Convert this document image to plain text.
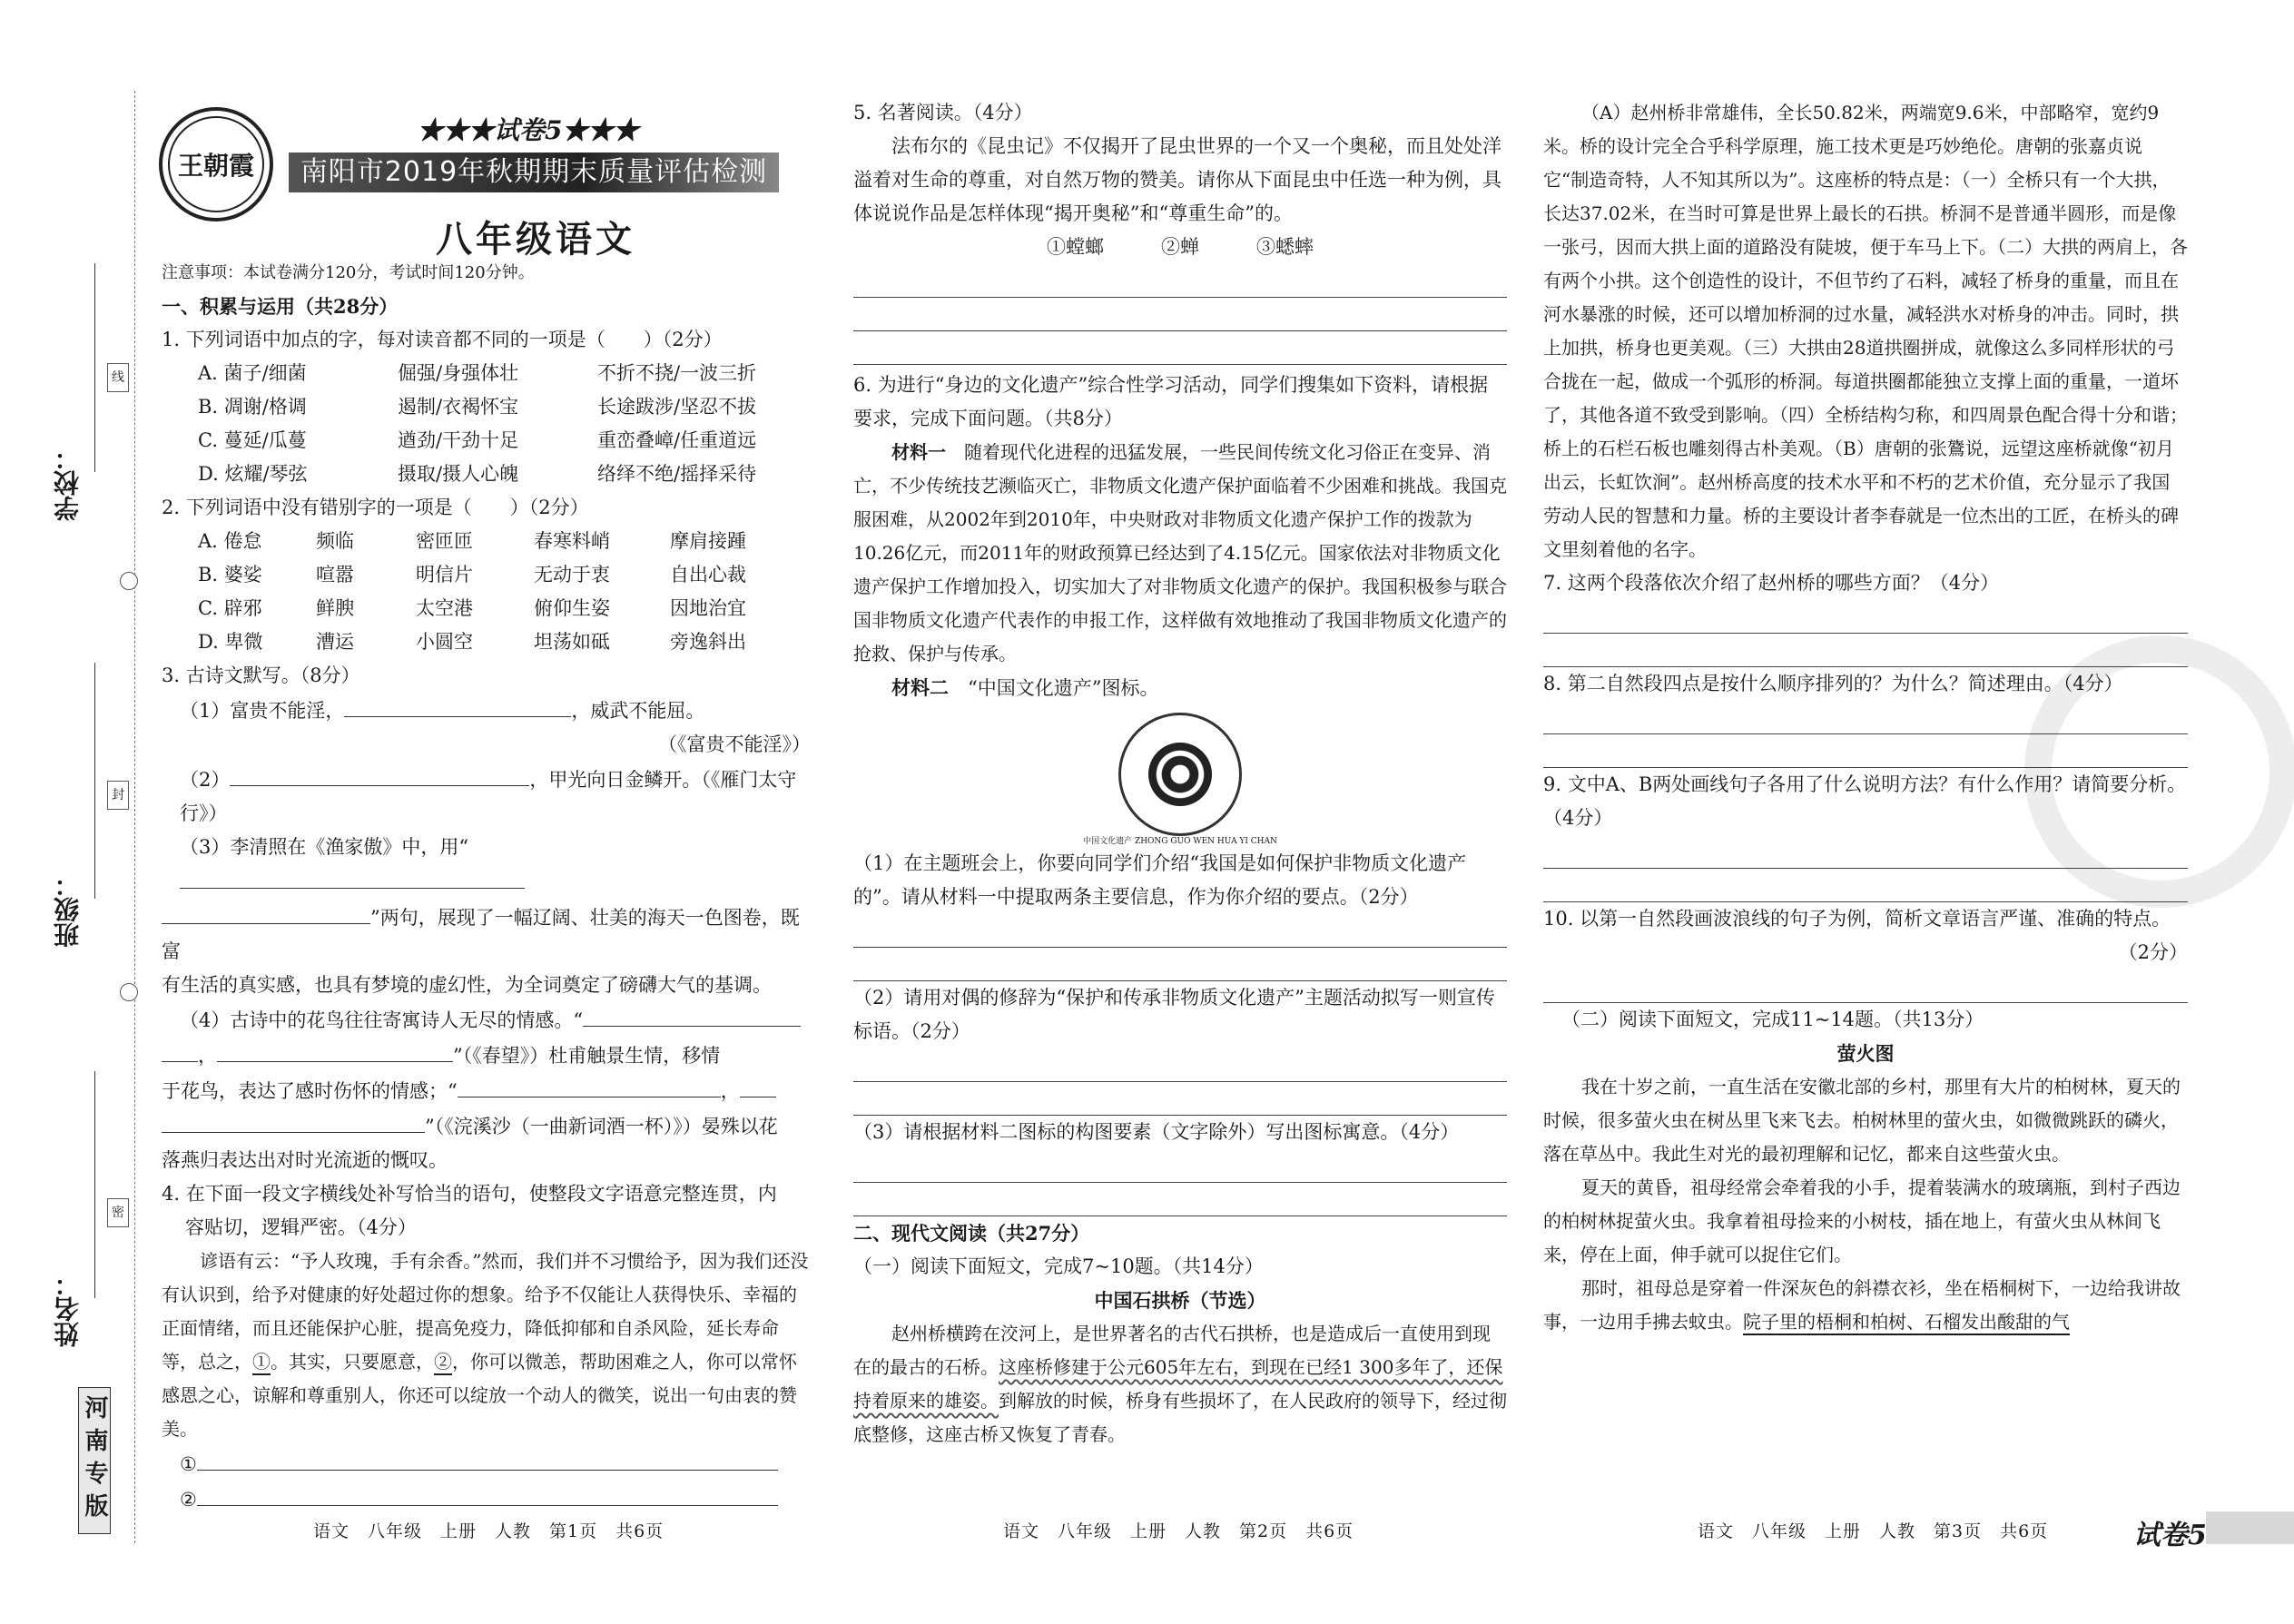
学校：
班级：
姓名：
线
封
密
河南专版
王朝霞
★★★试卷5★★★
南阳市2019年秋期期末质量评估检测试卷
八年级语文

注意事项：本试卷满分120分，考试时间120分钟。

一、积累与运用（共28分）

1. 下列词语中加点的字，每对读音都不同的一项是（　　）（2分）

A. 菌子/细菌	倔强/身强体壮	不折不挠/一波三折
B. 凋谢/格调	遏制/衣褐怀宝	长途跋涉/坚忍不拔
C. 蔓延/瓜蔓	遒劲/干劲十足	重峦叠嶂/任重道远
D. 炫耀/琴弦	摄取/摄人心魄	络绎不绝/摇择采待

2. 下列词语中没有错别字的一项是（　　）（2分）

A. 倦怠	频临	密匝匝	春寒料峭	摩肩接踵
B. 婆娑	喧嚣	明信片	无动于衷	自出心裁
C. 辟邪	鲜腴	太空港	俯仰生姿	因地治宜
D. 卑微	漕运	小圆空	坦荡如砥	旁逸斜出

3. 古诗文默写。（8分）

（1）富贵不能淫，	，威武不能屈。

（《富贵不能淫》）

（2）	，甲光向日金鳞开。（《雁门太守行》）

（3）李清照在《渔家傲》中，用“

”两句，展现了一幅辽阔、壮美的海天一色图卷，既富

有生活的真实感，也具有梦境的虚幻性，为全词奠定了磅礴大气的基调。

（4）古诗中的花鸟往往寄寓诗人无尽的情感。“

，	”（《春望》）杜甫触景生情，移情

于花鸟，表达了感时伤怀的情感；“	，

”（《浣溪沙（一曲新词酒一杯）》）晏殊以花

落燕归表达出对时光流逝的慨叹。

4. 在下面一段文字横线处补写恰当的语句，使整段文字语意完整连贯，内

容贴切，逻辑严密。（4分）

谚语有云：“予人玫瑰，手有余香。”然而，我们并不习惯给予，因为我们还没有认识到，给予对健康的好处超过你的想象。给予不仅能让人获得快乐、幸福的正面情绪，而且还能保护心脏，提高免疫力，降低抑郁和自杀风险，延长寿命等，总之，①。其实，只要愿意，②，你可以微恙，帮助困难之人，你可以常怀感恩之心，谅解和尊重别人，你还可以绽放一个动人的微笑，说出一句由衷的赞美。

①

②

语文　八年级　上册　人教　第1页　共6页

5. 名著阅读。（4分）

法布尔的《昆虫记》不仅揭开了昆虫世界的一个又一个奥秘，而且处处洋溢着对生命的尊重，对自然万物的赞美。请你从下面昆虫中任选一种为例，具体说说作品是怎样体现“揭开奥秘”和“尊重生命”的。

①螳螂　　　	②蝉　　　	③蟋蟀

6. 为进行“身边的文化遗产”综合性学习活动，同学们搜集如下资料，请根据要求，完成下面问题。（共8分）

材料一　 随着现代化进程的迅猛发展，一些民间传统文化习俗正在变异、消亡，不少传统技艺濒临灭亡，非物质文化遗产保护面临着不少困难和挑战。我国克服困难，从2002年到2010年，中央财政对非物质文化遗产保护工作的拨款为10.26亿元，而2011年的财政预算已经达到了4.15亿元。国家依法对非物质文化遗产保护工作增加投入，切实加大了对非物质文化遗产的保护。我国积极参与联合国非物质文化遗产代表作的申报工作，这样做有效地推动了我国非物质文化遗产的抢救、保护与传承。

材料二　 “中国文化遗产”图标。

中国文化遗产 ZHONG GUO WEN HUA YI CHAN

（1）在主题班会上，你要向同学们介绍“我国是如何保护非物质文化遗产的”。请从材料一中提取两条主要信息，作为你介绍的要点。（2分）

（2）请用对偶的修辞为“保护和传承非物质文化遗产”主题活动拟写一则宣传标语。（2分）

（3）请根据材料二图标的构图要素（文字除外）写出图标寓意。（4分）

二、现代文阅读（共27分）

（一）阅读下面短文，完成7~10题。（共14分）

中国石拱桥（节选）

赵州桥横跨在洨河上，是世界著名的古代石拱桥，也是造成后一直使用到现在的最古的石桥。这座桥修建于公元605年左右，到现在已经1 300多年了，还保持着原来的雄姿。到解放的时候，桥身有些损坏了，在人民政府的领导下，经过彻底整修，这座古桥又恢复了青春。

语文　八年级　上册　人教　第2页　共6页

（A）赵州桥非常雄伟，全长50.82米，两端宽9.6米，中部略窄，宽约9米。桥的设计完全合乎科学原理，施工技术更是巧妙绝伦。唐朝的张嘉贞说它“制造奇特，人不知其所以为”。这座桥的特点是：（一）全桥只有一个大拱，长达37.02米，在当时可算是世界上最长的石拱。桥洞不是普通半圆形，而是像一张弓，因而大拱上面的道路没有陡坡，便于车马上下。（二）大拱的两肩上，各有两个小拱。这个创造性的设计，不但节约了石料，减轻了桥身的重量，而且在河水暴涨的时候，还可以增加桥洞的过水量，减轻洪水对桥身的冲击。同时，拱上加拱，桥身也更美观。（三）大拱由28道拱圈拼成，就像这么多同样形状的弓合拢在一起，做成一个弧形的桥洞。每道拱圈都能独立支撑上面的重量，一道坏了，其他各道不致受到影响。（四）全桥结构匀称，和四周景色配合得十分和谐；桥上的石栏石板也雕刻得古朴美观。（B）唐朝的张鷟说，远望这座桥就像“初月出云，长虹饮涧”。赵州桥高度的技术水平和不朽的艺术价值，充分显示了我国劳动人民的智慧和力量。桥的主要设计者李春就是一位杰出的工匠，在桥头的碑文里刻着他的名字。

7. 这两个段落依次介绍了赵州桥的哪些方面？（4分）

8. 第二自然段四点是按什么顺序排列的？为什么？简述理由。（4分）

9. 文中A、B两处画线句子各用了什么说明方法？有什么作用？请简要分析。（4分）

10. 以第一自然段画波浪线的句子为例，简析文章语言严谨、准确的特点。

（2分）

（二）阅读下面短文，完成11~14题。（共13分）

萤火图

我在十岁之前，一直生活在安徽北部的乡村，那里有大片的柏树林，夏天的时候，很多萤火虫在树丛里飞来飞去。柏树林里的萤火虫，如微微跳跃的磷火，落在草丛中。我此生对光的最初理解和记忆，都来自这些萤火虫。

夏天的黄昏，祖母经常会牵着我的小手，提着装满水的玻璃瓶，到村子西边的柏树林捉萤火虫。我拿着祖母捡来的小树枝，插在地上，有萤火虫从林间飞来，停在上面，伸手就可以捉住它们。

那时，祖母总是穿着一件深灰色的斜襟衣衫，坐在梧桐树下，一边给我讲故事，一边用手拂去蚊虫。院子里的梧桐和柏树、石榴发出酸甜的气

语文　八年级　上册　人教　第3页　共6页	试卷5
